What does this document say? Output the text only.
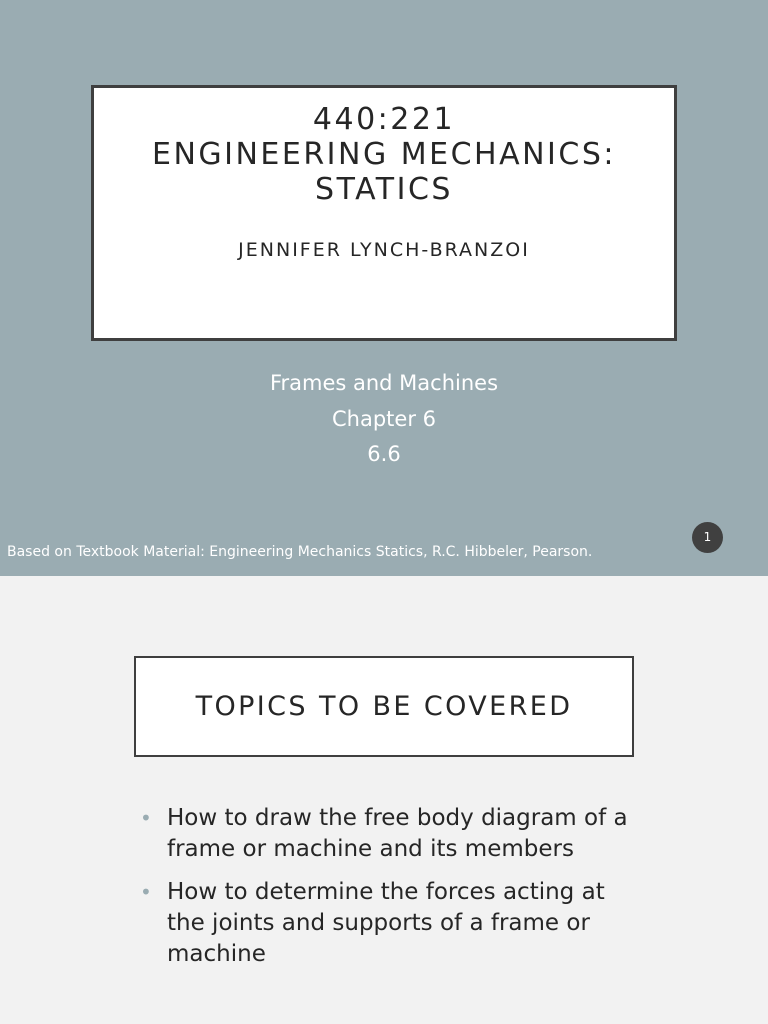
440:221
ENGINEERING MECHANICS:
STATICS
JENNIFER LYNCH-BRANZOI
Frames and Machines
Chapter 6
6.6
Based on Textbook Material: Engineering Mechanics Statics, R.C. Hibbeler, Pearson.
1
TOPICS TO BE COVERED
• How to draw the free body diagram of a frame or machine and its members
• How to determine the forces acting at the joints and supports of a frame or machine
